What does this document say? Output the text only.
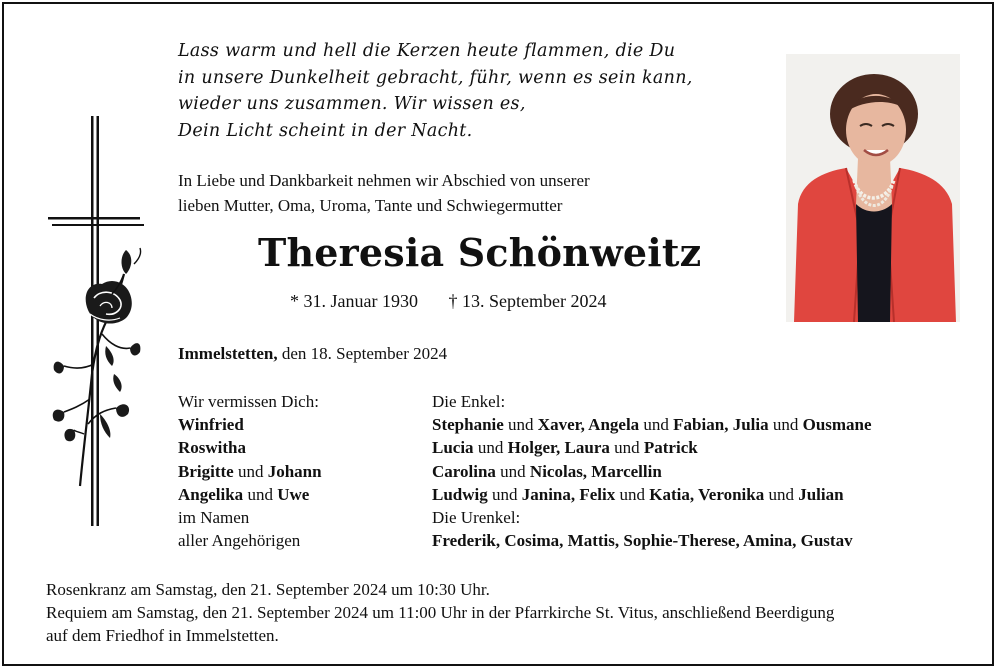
Lass warm und hell die Kerzen heute flammen, die Du
in unsere Dunkelheit gebracht, führ, wenn es sein kann,
wieder uns zusammen. Wir wissen es,
Dein Licht scheint in der Nacht.
In Liebe und Dankbarkeit nehmen wir Abschied von unserer
lieben Mutter, Oma, Uroma, Tante und Schwiegermutter
Theresia Schönweitz
* 31. Januar 1930 † 13. September 2024
Immelstetten, den 18. September 2024
Wir vermissen Dich:
Winfried
Roswitha
Brigitte und Johann
Angelika und Uwe
im Namen
aller Angehörigen
Die Enkel:
Stephanie und Xaver, Angela und Fabian, Julia und Ousmane
Lucia und Holger, Laura und Patrick
Carolina und Nicolas, Marcellin
Ludwig und Janina, Felix und Katia, Veronika und Julian
Die Urenkel:
Frederik, Cosima, Mattis, Sophie-Therese, Amina, Gustav
Rosenkranz am Samstag, den 21. September 2024 um 10:30 Uhr.
Requiem am Samstag, den 21. September 2024 um 11:00 Uhr in der Pfarrkirche St. Vitus, anschließend Beerdigung
auf dem Friedhof in Immelstetten.
